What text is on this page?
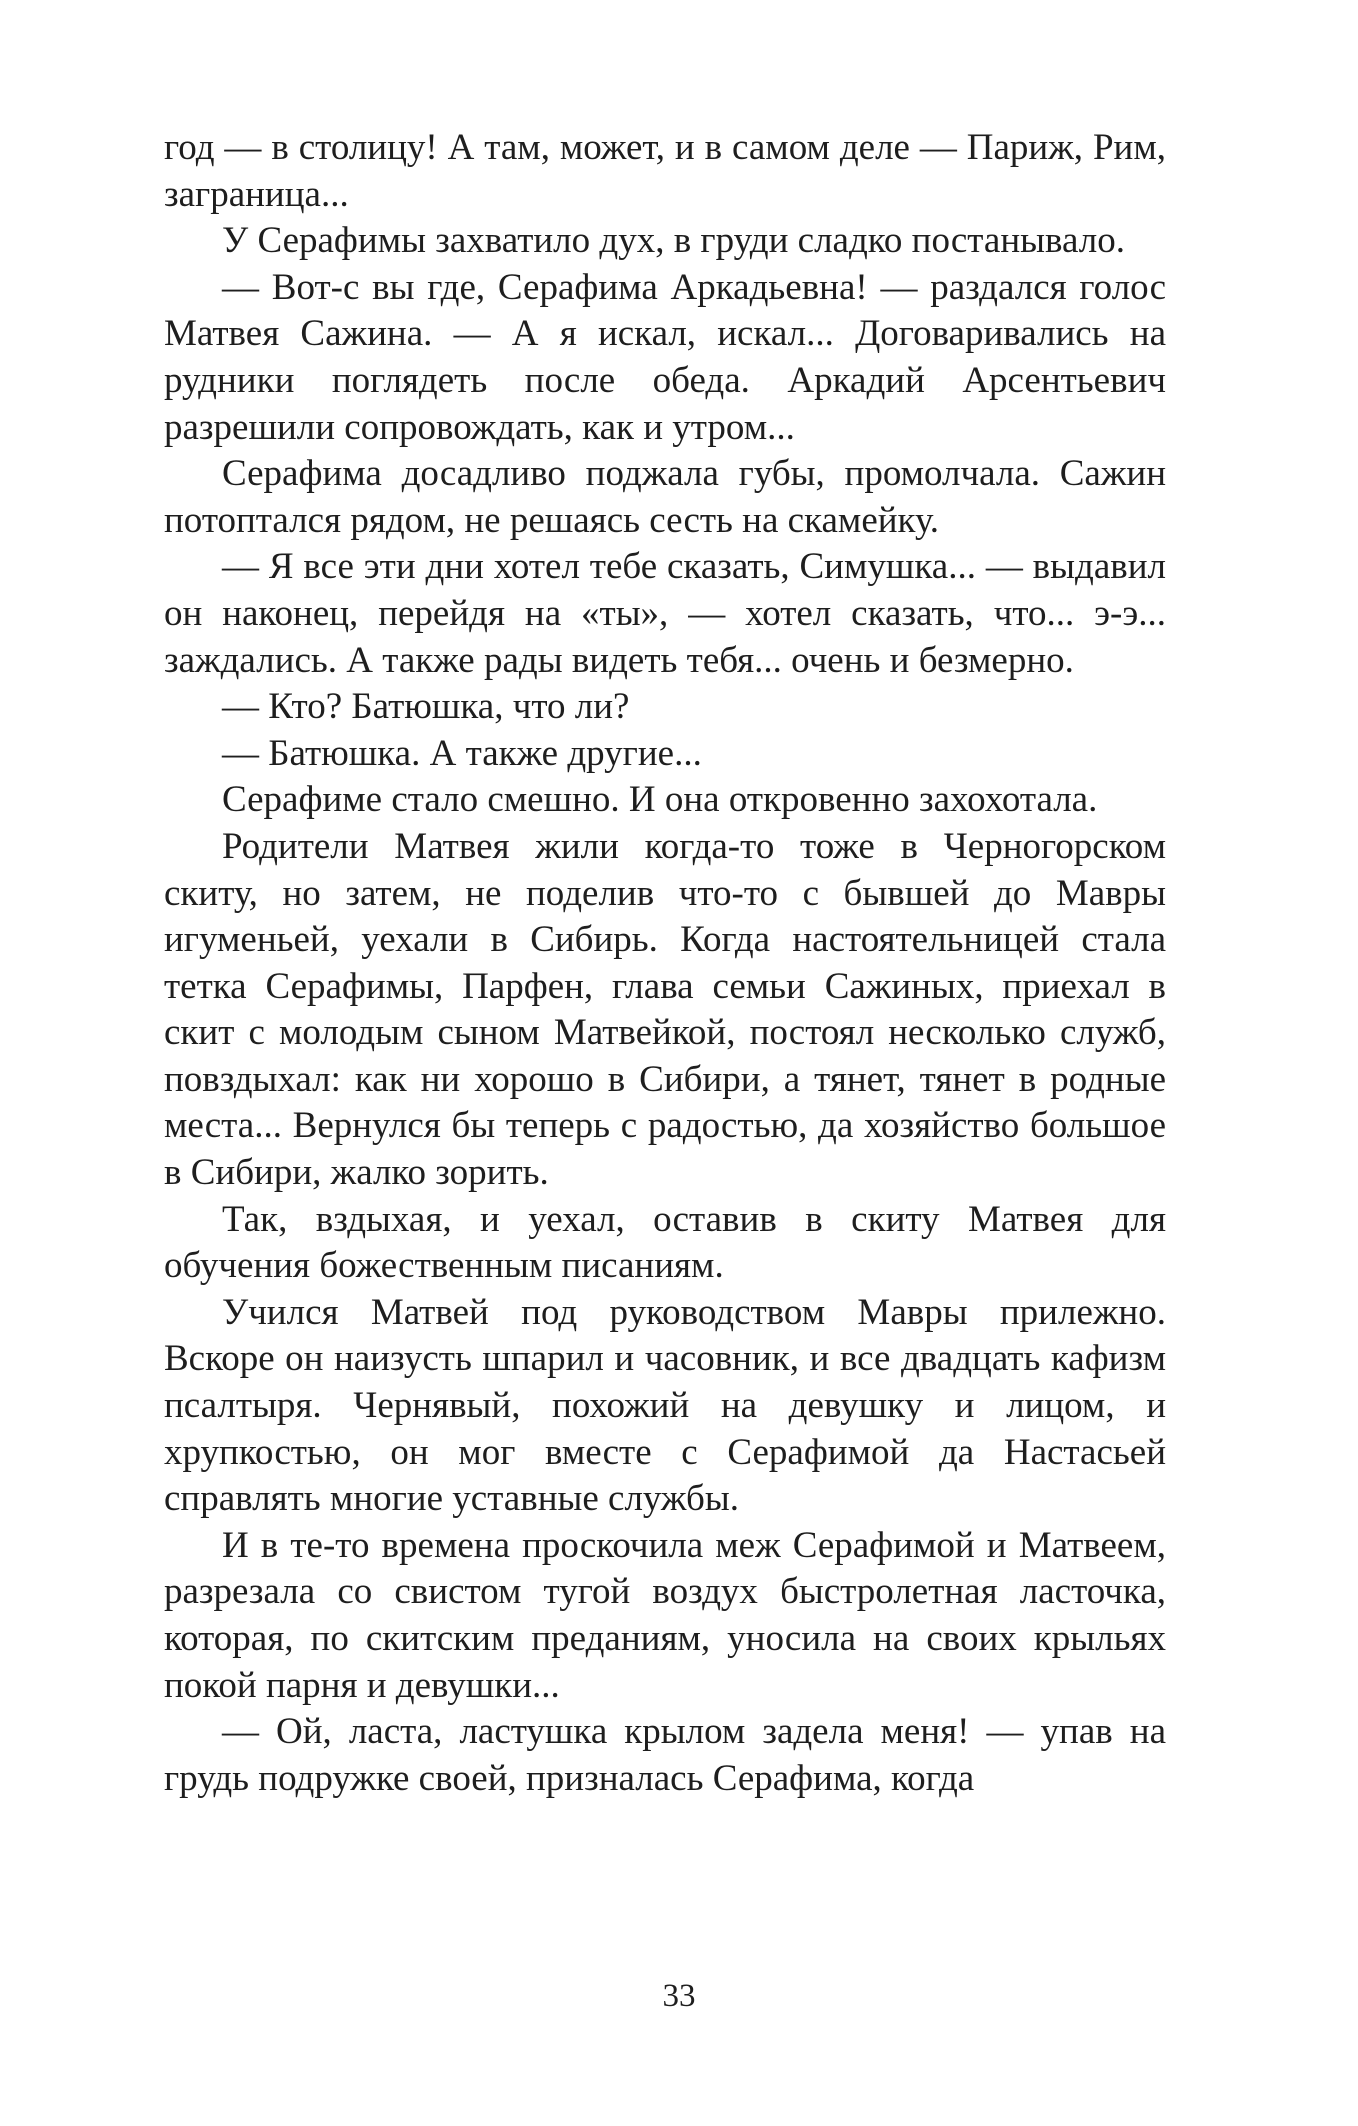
год — в столицу! А там, может, и в самом деле — Париж, Рим, заграница...

У Серафимы захватило дух, в груди сладко постанывало.

— Вот-с вы где, Серафима Аркадьевна! — раздался голос Матвея Сажина. — А я искал, искал... Договаривались на рудники поглядеть после обеда. Аркадий Арсентьевич разрешили сопровождать, как и утром...

Серафима досадливо поджала губы, промолчала. Сажин потоптался рядом, не решаясь сесть на скамейку.

— Я все эти дни хотел тебе сказать, Симушка... — выдавил он наконец, перейдя на «ты», — хотел сказать, что... э-э... заждались. А также рады видеть тебя... очень и безмерно.

— Кто? Батюшка, что ли?

— Батюшка. А также другие...

Серафиме стало смешно. И она откровенно захохотала.

Родители Матвея жили когда-то тоже в Черногорском скиту, но затем, не поделив что-то с бывшей до Мавры игуменьей, уехали в Сибирь. Когда настоятельницей стала тетка Серафимы, Парфен, глава семьи Сажиных, приехал в скит с молодым сыном Матвейкой, постоял несколько служб, повздыхал: как ни хорошо в Сибири, а тянет, тянет в родные места... Вернулся бы теперь с радостью, да хозяйство большое в Сибири, жалко зорить.

Так, вздыхая, и уехал, оставив в скиту Матвея для обучения божественным писаниям.

Учился Матвей под руководством Мавры прилежно. Вскоре он наизусть шпарил и часовник, и все двадцать кафизм псалтыря. Чернявый, похожий на девушку и лицом, и хрупкостью, он мог вместе с Серафимой да Настасьей справлять многие уставные службы.

И в те-то времена проскочила меж Серафимой и Матвеем, разрезала со свистом тугой воздух быстролетная ласточка, которая, по скитским преданиям, уносила на своих крыльях покой парня и девушки...

— Ой, ласта, ластушка крылом задела меня! — упав на грудь подружке своей, призналась Серафима, когда

33
